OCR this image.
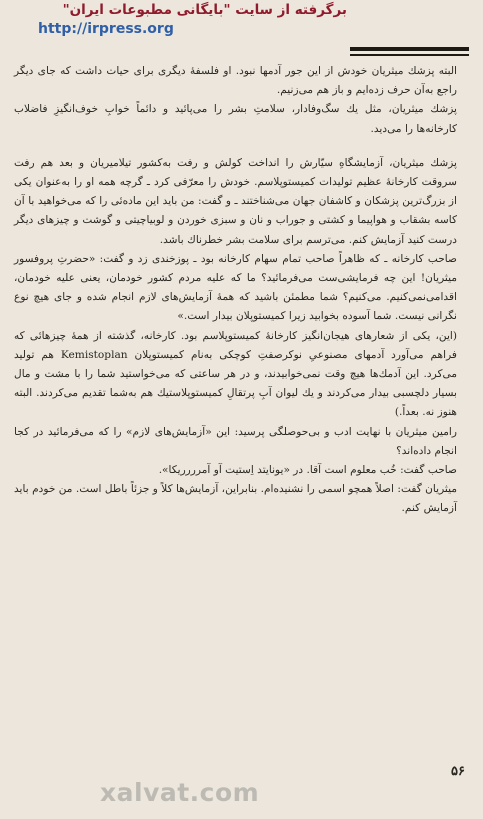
برگرفته از سایت "بایگانی مطبوعات ایران"
http://irpress.org

البته پزشك میثریان خودش از این جور آدمها نبود. او فلسفهٔ دیگری برای حیات داشت که جای دیگر راجع به‌آن حرف زده‌ایم و باز هم می‌زنیم.

پزشك میثریان، مثل یك سگ‌وفادار، سلامتِ بشر را می‌پائید و دائماً خوابِ خوف‌انگیزِ فاضلاب کارخانه‌ها را می‌دید.

پزشك میثریان، آزمایشگاهِ سیّارش را انداخت کولش و رفت به‌کشور تیلامیریان و بعد هم رفت سروقت کارخانهٔ عظیم تولیدات کمیستوپلاسم. خودش را معرّفی کرد ـ گرچه همه او را به‌عنوان یکی از بزرگ‌ترین پزشکان و کاشفان جهان می‌شناختند ـ و گفت: من باید این ماده‌ئی را که می‌خواهید با آن کاسه بشقاب و هواپیما و کشتی و جوراب و نان و سبزی خوردن و لوبیاچیتی و گوشت و چیزهای دیگر درست کنید آزمایش کنم. می‌ترسم برای سلامت بشر خطرناك باشد.

صاحب کارخانه ـ که ظاهراً صاحب تمام سهام کارخانه بود ـ پوزخندی زد و گفت: «حضرتِ پروفسور میثریان! این چه فرمایشی‌ست می‌فرمائید؟ ما که علیه مردم کشور خودمان، یعنی علیه خودمان، اقدامی‌نمی‌کنیم. می‌کنیم؟ شما مطمئن باشید که همهٔ آزمایش‌های لازم انجام شده و جای هیچ نوع نگرانی نیست. شما آسوده بخوابید زیرا کمیستوپلان بیدار است.»

(این، یکی از شعارهای هیجان‌انگیز کارخانهٔ کمیستوپلاسم بود. کارخانه، گذشته از همهٔ چیزهائی که فراهم می‌آورد آدمهای مصنوعیِ نوکرصفتِ کوچکی به‌نام کمیستوپلان Kemistoplan هم تولید می‌کرد. این آدمك‌ها هیچ وقت نمی‌خوابیدند، و در هر ساعتی که می‌خواستید شما را با مشت و مال بسیار دلچسبی بیدار می‌کردند و یك لیوان آبِ پرتقالِ کمیستوپلاستیك هم به‌شما تقدیم می‌کردند. البته هنوز نه. بعداً.)

رامین میثریان با نهایت ادب و بی‌حوصلگی پرسید: این «آزمایش‌های لازم» را که می‌فرمائید در کجا انجام داده‌اند؟

صاحب گفت: خُب معلوم است آقا. در «یونایتد اِستیت آو آمرررریکا».

میثریان گفت: اصلاً همچو اسمی را نشنیده‌ام. بنابراین، آزمایش‌ها کلاً و جزئاً باطل است. من خودم باید آزمایش کنم.

۵۶
xalvat.com
